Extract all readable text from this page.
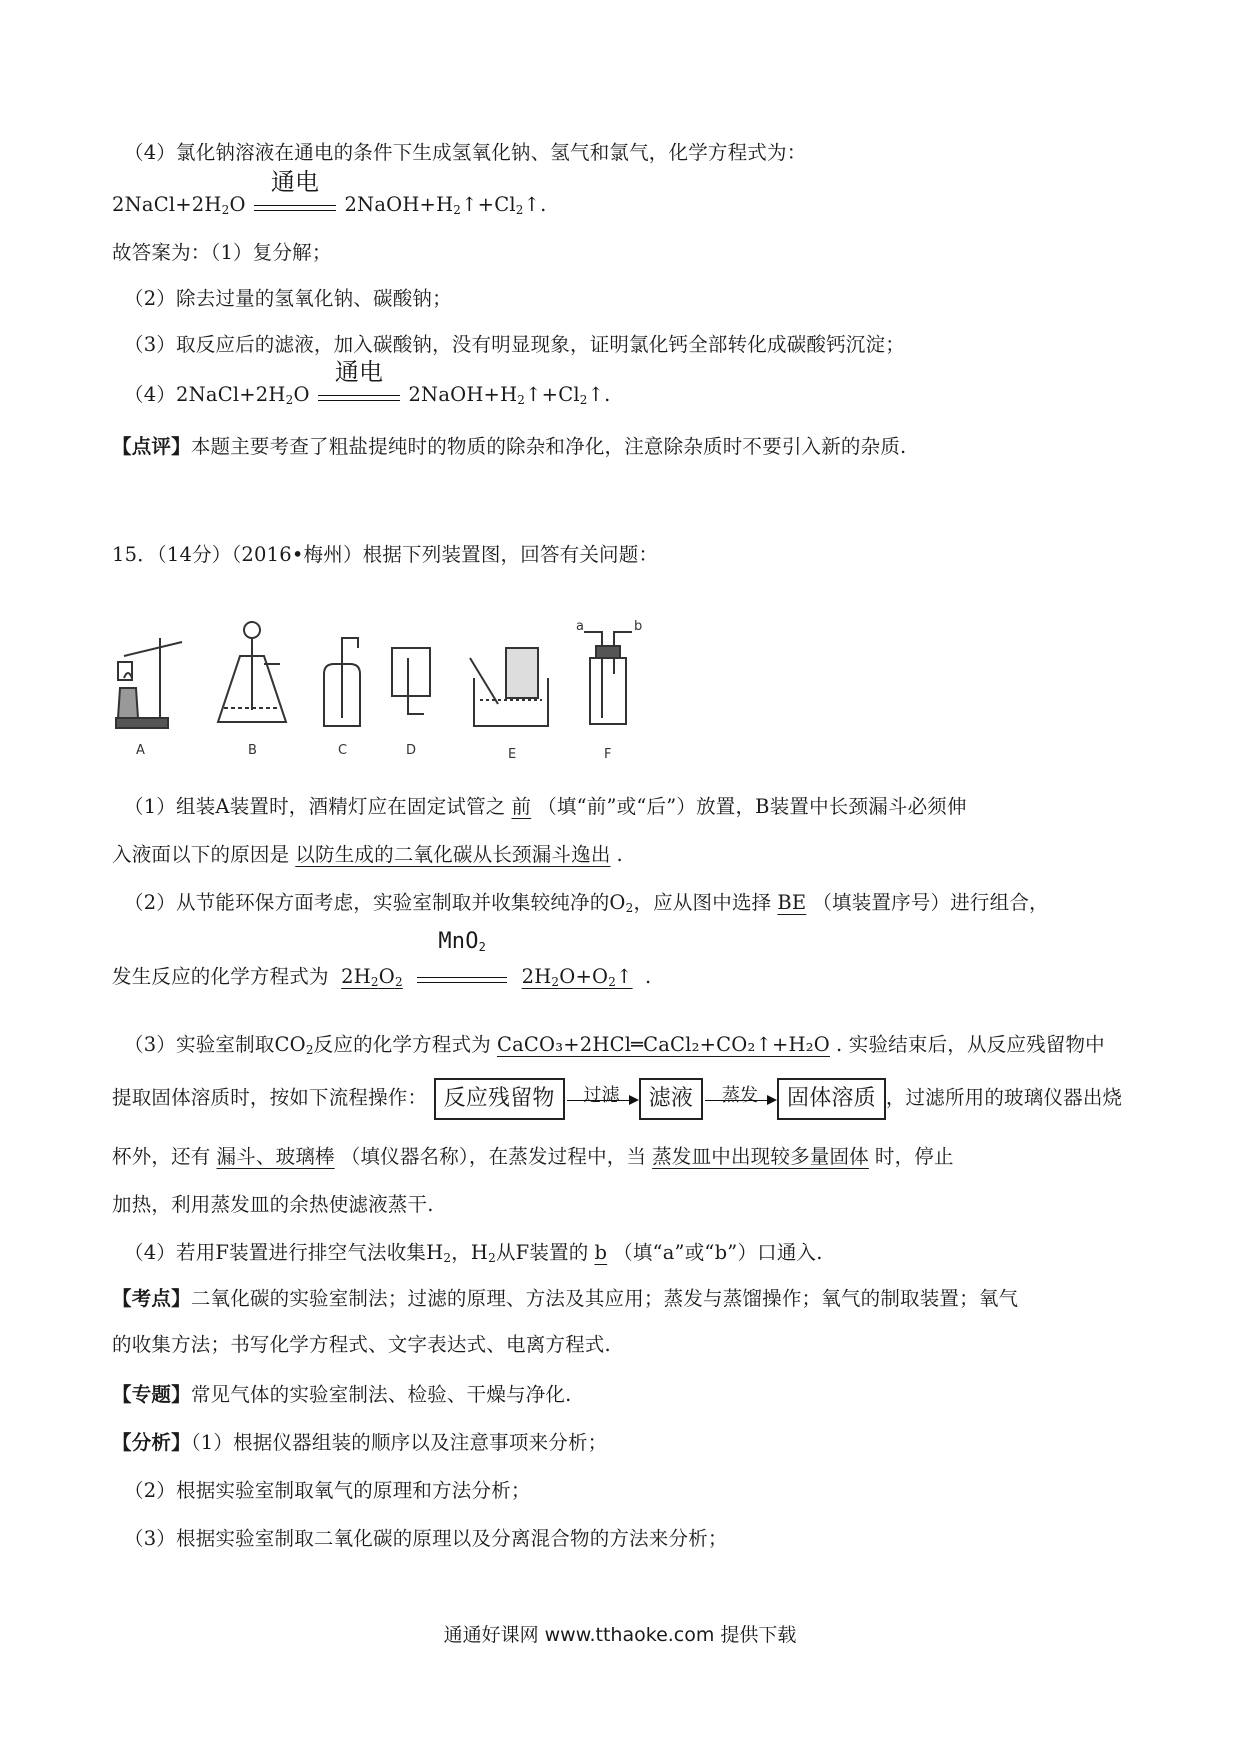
（4）氯化钠溶液在通电的条件下生成氢氧化钠、氢气和氯气，化学方程式为：
$2NaCl+2H_2O$
通电
$2NaOH+H_2↑+Cl_2↑$.
故答案为：（1）复分解；
（2）除去过量的氢氧化钠、碳酸钠；
（3）取反应后的滤液，加入碳酸钠，没有明显现象，证明氯化钙全部转化成碳酸钙沉淀；
$(4)2NaCl+2H_2O$
通电
$2NaOH+H_2↑+Cl_2↑$.
【点评】本题主要考查了粗盐提纯时的物质的除杂和净化，注意除杂质时不要引入新的杂质.
15．（14分）（2016•梅州）根据下列装置图，回答有关问题：
A	B	C	D	E	F
a	b
（1）组装A装置时，酒精灯应在固定试管之 前 （填“前”或“后”）放置，B装置中长颈漏斗必须伸
入液面以下的原因是 以防生成的二氧化碳从长颈漏斗逸出 .
（2）从节能环保方面考虑，实验室制取并收集较纯净的$O_2$，应从图中选择 BE （填装置序号）进行组合，
发生反应的化学方程式为 $2H_2O_2$
MnO$_2$
$2H_2O+O_2↑$ .
（3）实验室制取$CO_2$反应的化学方程式为 CaCO₃+2HCl═CaCl₂+CO₂↑+H₂O . 实验结束后，从反应残留物中
提取固体溶质时，按如下流程操作： 反应残留物	过滤	滤液	蒸发	固体溶质 ，过滤所用的玻璃仪器出烧
杯外，还有 漏斗、玻璃棒 （填仪器名称），在蒸发过程中，当 蒸发皿中出现较多量固体 时，停止
加热，利用蒸发皿的余热使滤液蒸干.
（4）若用F装置进行排空气法收集$H_2$，$H_2$从F装置的 b （填“a”或“b”）口通入.
【考点】二氧化碳的实验室制法；过滤的原理、方法及其应用；蒸发与蒸馏操作；氧气的制取装置；氧气
的收集方法；书写化学方程式、文字表达式、电离方程式.
【专题】常见气体的实验室制法、检验、干燥与净化.
【分析】（1）根据仪器组装的顺序以及注意事项来分析；
（2）根据实验室制取氧气的原理和方法分析；
（3）根据实验室制取二氧化碳的原理以及分离混合物的方法来分析；
通通好课网 www.tthaoke.com 提供下载
